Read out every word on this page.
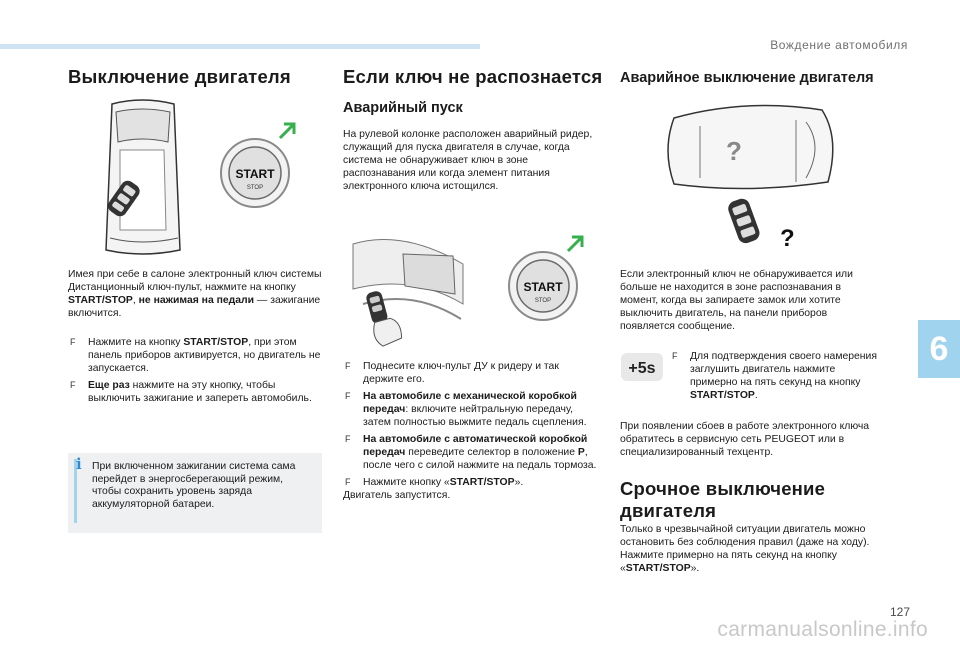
Вождение автомобиля
6
127
carmanualsonline.info
Выключение двигателя
START
STOP

Имея при себе в салоне электронный ключ системы Дистанционный ключ-пульт, нажмите на кнопку START/STOP, не нажимая на педали — зажигание включится.

F Нажмите на кнопку START/STOP, при этом панель приборов активируется, но двигатель не запускается.
F Еще раз нажмите на эту кнопку, чтобы выключить зажигание и запереть автомобиль.
i При включенном зажигании система сама перейдет в энергосберегающий режим, чтобы сохранить уровень заряда аккумуляторной батареи.
Если ключ не распознается
Аварийный пуск

На рулевой колонке расположен аварийный ридер, служащий для пуска двигателя в случае, когда система не обнаруживает ключ в зоне распознавания или когда элемент питания электронного ключа истощился.

START
STOP
F Поднесите ключ-пульт ДУ к ридеру и так держите его.
F На автомобиле с механической коробкой передач: включите нейтральную передачу, затем полностью выжмите педаль сцепления.
F На автомобиле с автоматической коробкой передач переведите селектор в положение P, после чего с силой нажмите на педаль тормоза.
F Нажмите кнопку «START/STOP».

Двигатель запустится.

Аварийное выключение двигателя
?
?

Если электронный ключ не обнаруживается или больше не находится в зоне распознавания в момент, когда вы запираете замок или хотите выключить двигатель, на панели приборов появляется сообщение.

+5s
F Для подтверждения своего намерения заглушить двигатель нажмите примерно на пять секунд на кнопку START/STOP.

При появлении сбоев в работе электронного ключа обратитесь в сервисную сеть PEUGEOT или в специализированный техцентр.

Срочное выключение двигателя

Только в чрезвычайной ситуации двигатель можно остановить без соблюдения правил (даже на ходу). Нажмите примерно на пять секунд на кнопку «START/STOP».
